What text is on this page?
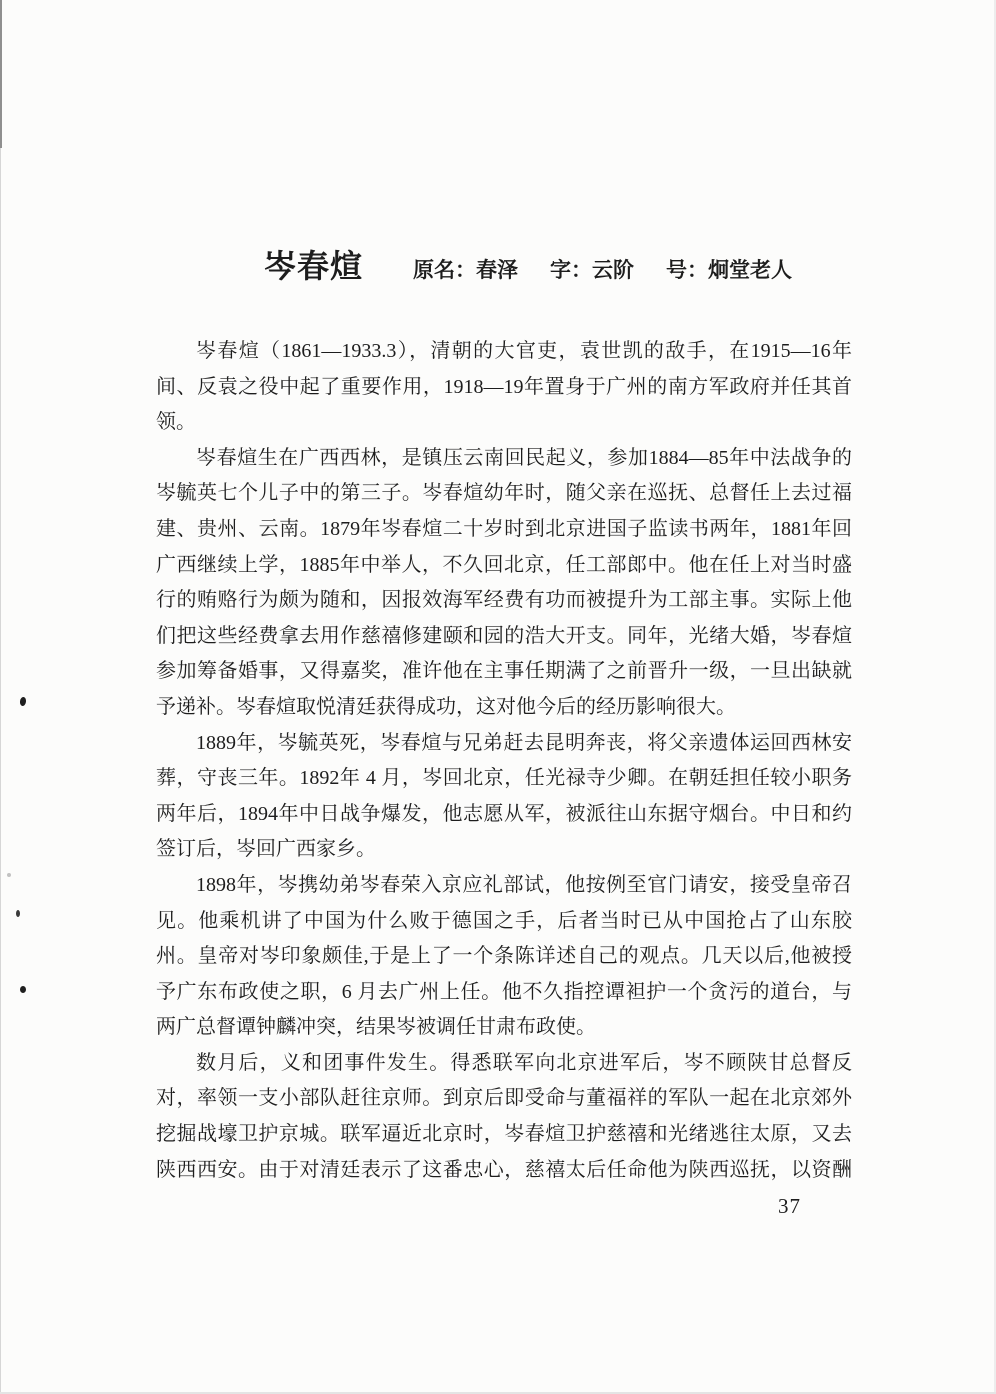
岑春煊 原名：春泽 字：云阶 号：炯堂老人
岑春煊（1861—1933.3），清朝的大官吏，袁世凯的敌手，在1915—16年
间、反袁之役中起了重要作用，1918—19年置身于广州的南方军政府并任其首
领。
岑春煊生在广西西林，是镇压云南回民起义，参加1884—85年中法战争的
岑毓英七个儿子中的第三子。岑春煊幼年时，随父亲在巡抚、总督任上去过福
建、贵州、云南。1879年岑春煊二十岁时到北京进国子监读书两年，1881年回
广西继续上学，1885年中举人，不久回北京，任工部郎中。他在任上对当时盛
行的贿赂行为颇为随和，因报效海军经费有功而被提升为工部主事。实际上他
们把这些经费拿去用作慈禧修建颐和园的浩大开支。同年，光绪大婚，岑春煊
参加筹备婚事，又得嘉奖，准许他在主事任期满了之前晋升一级，一旦出缺就
予递补。岑春煊取悦清廷获得成功，这对他今后的经历影响很大。
1889年，岑毓英死，岑春煊与兄弟赶去昆明奔丧，将父亲遗体运回西林安
葬，守丧三年。1892年 4 月，岑回北京，任光禄寺少卿。在朝廷担任较小职务
两年后，1894年中日战争爆发，他志愿从军，被派往山东据守烟台。中日和约
签订后，岑回广西家乡。
1898年，岑携幼弟岑春荣入京应礼部试，他按例至官门请安，接受皇帝召
见。他乘机讲了中国为什么败于德国之手，后者当时已从中国抢占了山东胶
州。皇帝对岑印象颇佳,于是上了一个条陈详述自己的观点。几天以后,他被授
予广东布政使之职，6 月去广州上任。他不久指控谭袒护一个贪污的道台，与
两广总督谭钟麟冲突，结果岑被调任甘肃布政使。
数月后，义和团事件发生。得悉联军向北京进军后，岑不顾陕甘总督反
对，率领一支小部队赶往京师。到京后即受命与董福祥的军队一起在北京郊外
挖掘战壕卫护京城。联军逼近北京时，岑春煊卫护慈禧和光绪逃往太原，又去
陕西西安。由于对清廷表示了这番忠心，慈禧太后任命他为陕西巡抚，以资酬
37
